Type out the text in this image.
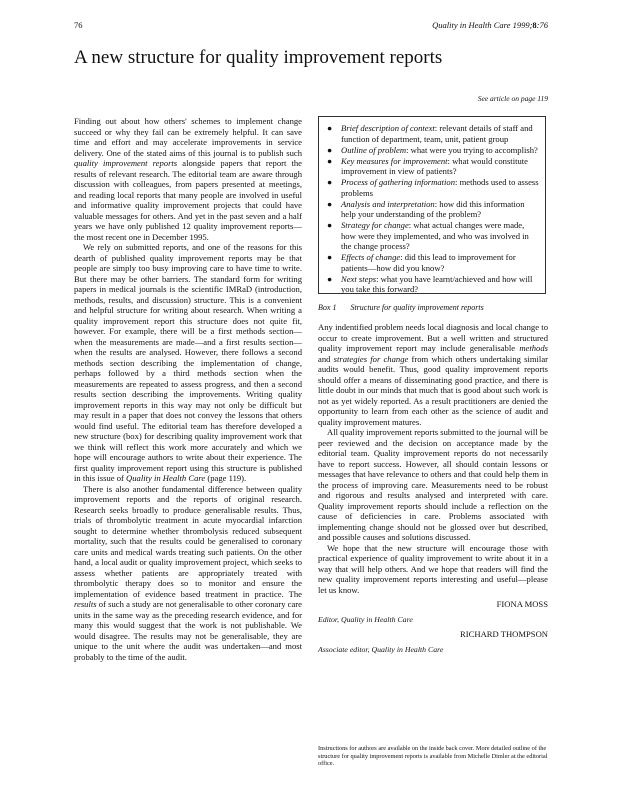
76	Quality in Health Care 1999;8:76
A new structure for quality improvement reports
See article on page 119

Finding out about how others' schemes to implement change succeed or why they fail can be extremely helpful. It can save time and effort and may accelerate improvements in service delivery. One of the stated aims of this journal is to publish such quality improvement reports alongside papers that report the results of relevant research. The editorial team are aware through discussion with colleagues, from papers presented at meetings, and reading local reports that many people are involved in useful and informative quality improvement projects that could have valuable messages for others. And yet in the past seven and a half years we have only published 12 quality improvement reports—the most recent one in December 1995.

We rely on submitted reports, and one of the reasons for this dearth of published quality improvement reports may be that people are simply too busy improving care to have time to write. But there may be other barriers. The standard form for writing papers in medical journals is the scientific IMRaD (introduction, methods, results, and discussion) structure. This is a convenient and helpful structure for writing about research. When writing a quality improvement report this structure does not quite fit, however. For example, there will be a first methods section—when the measurements are made—and a first results section—when the results are analysed. However, there follows a second methods section describing the implementation of change, perhaps followed by a third methods section when the measurements are repeated to assess progress, and then a second results section describing the improvements. Writing quality improvement reports in this way may not only be difficult but may result in a paper that does not convey the lessons that others would find useful. The editorial team has therefore developed a new structure (box) for describing quality improvement work that we think will reflect this work more accurately and which we hope will encourage authors to write about their experience. The first quality improvement report using this structure is published in this issue of Quality in Health Care (page 119).

There is also another fundamental difference between quality improvement reports and the reports of original research. Research seeks broadly to produce generalisable results. Thus, trials of thrombolytic treatment in acute myocardial infarction sought to determine whether thrombolysis reduced subsequent mortality, such that the results could be generalised to coronary care units and medical wards treating such patients. On the other hand, a local audit or quality improvement project, which seeks to assess whether patients are appropriately treated with thrombolytic therapy does so to monitor and ensure the implementation of evidence based treatment in practice. The results of such a study are not generalisable to other coronary care units in the same way as the preceding research evidence, and for many this would suggest that the work is not publishable. We would disagree. The results may not be generalisable, they are unique to the unit where the audit was undertaken—and most probably to the time of the audit.

● Brief description of context: relevant details of staff and function of department, team, unit, patient group
● Outline of problem: what were you trying to accomplish?
● Key measures for improvement: what would constitute improvement in view of patients?
● Process of gathering information: methods used to assess problems
● Analysis and interpretation: how did this information help your understanding of the problem?
● Strategy for change: what actual changes were made, how were they implemented, and who was involved in the change process?
● Effects of change: did this lead to improvement for patients—how did you know?
● Next steps: what you have learnt/achieved and how will you take this forward?
Box 1 Structure for quality improvement reports

Any indentified problem needs local diagnosis and local change to occur to create improvement. But a well written and structured quality improvement report may include generalisable methods and strategies for change from which others undertaking similar audits would benefit. Thus, good quality improvement reports should offer a means of disseminating good practice, and there is little doubt in our minds that much that is good about such work is not as yet widely reported. As a result practitioners are denied the opportunity to learn from each other as the science of audit and quality improvement matures.

All quality improvement reports submitted to the journal will be peer reviewed and the decision on acceptance made by the editorial team. Quality improvement reports do not necessarily have to report success. However, all should contain lessons or messages that have relevance to others and that could help them in the process of improving care. Measurements need to be robust and rigorous and results analysed and interpreted with care. Quality improvement reports should include a reflection on the cause of deficiencies in care. Problems associated with implementing change should not be glossed over but described, and possible causes and solutions discussed.

We hope that the new structure will encourage those with practical experience of quality improvement to write about it in a way that will help others. And we hope that readers will find the new quality improvement reports interesting and useful—please let us know.

FIONA MOSS
Editor, Quality in Health Care
RICHARD THOMPSON
Associate editor, Quality in Health Care
Instructions for authors are available on the inside back cover. More detailed outline of the structure for quality improvement reports is available from Michelle Dimler at the editorial office.
